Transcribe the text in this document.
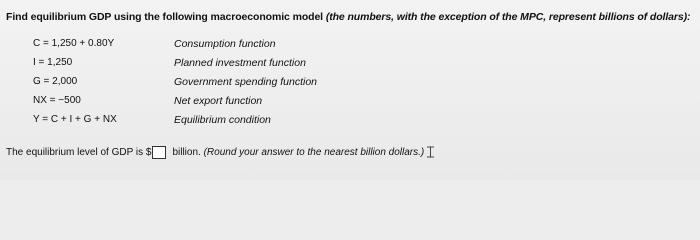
Find equilibrium GDP using the following macroeconomic model (the numbers, with the exception of the MPC, represent billions of dollars):
C = 1,250 + 0.80Y	Consumption function
I = 1,250	Planned investment function
G = 2,000	Government spending function
NX = −500	Net export function
Y = C + I + G + NX	Equilibrium condition
The equilibrium level of GDP is $ billion.
(Round your answer to the nearest billion dollars.)
